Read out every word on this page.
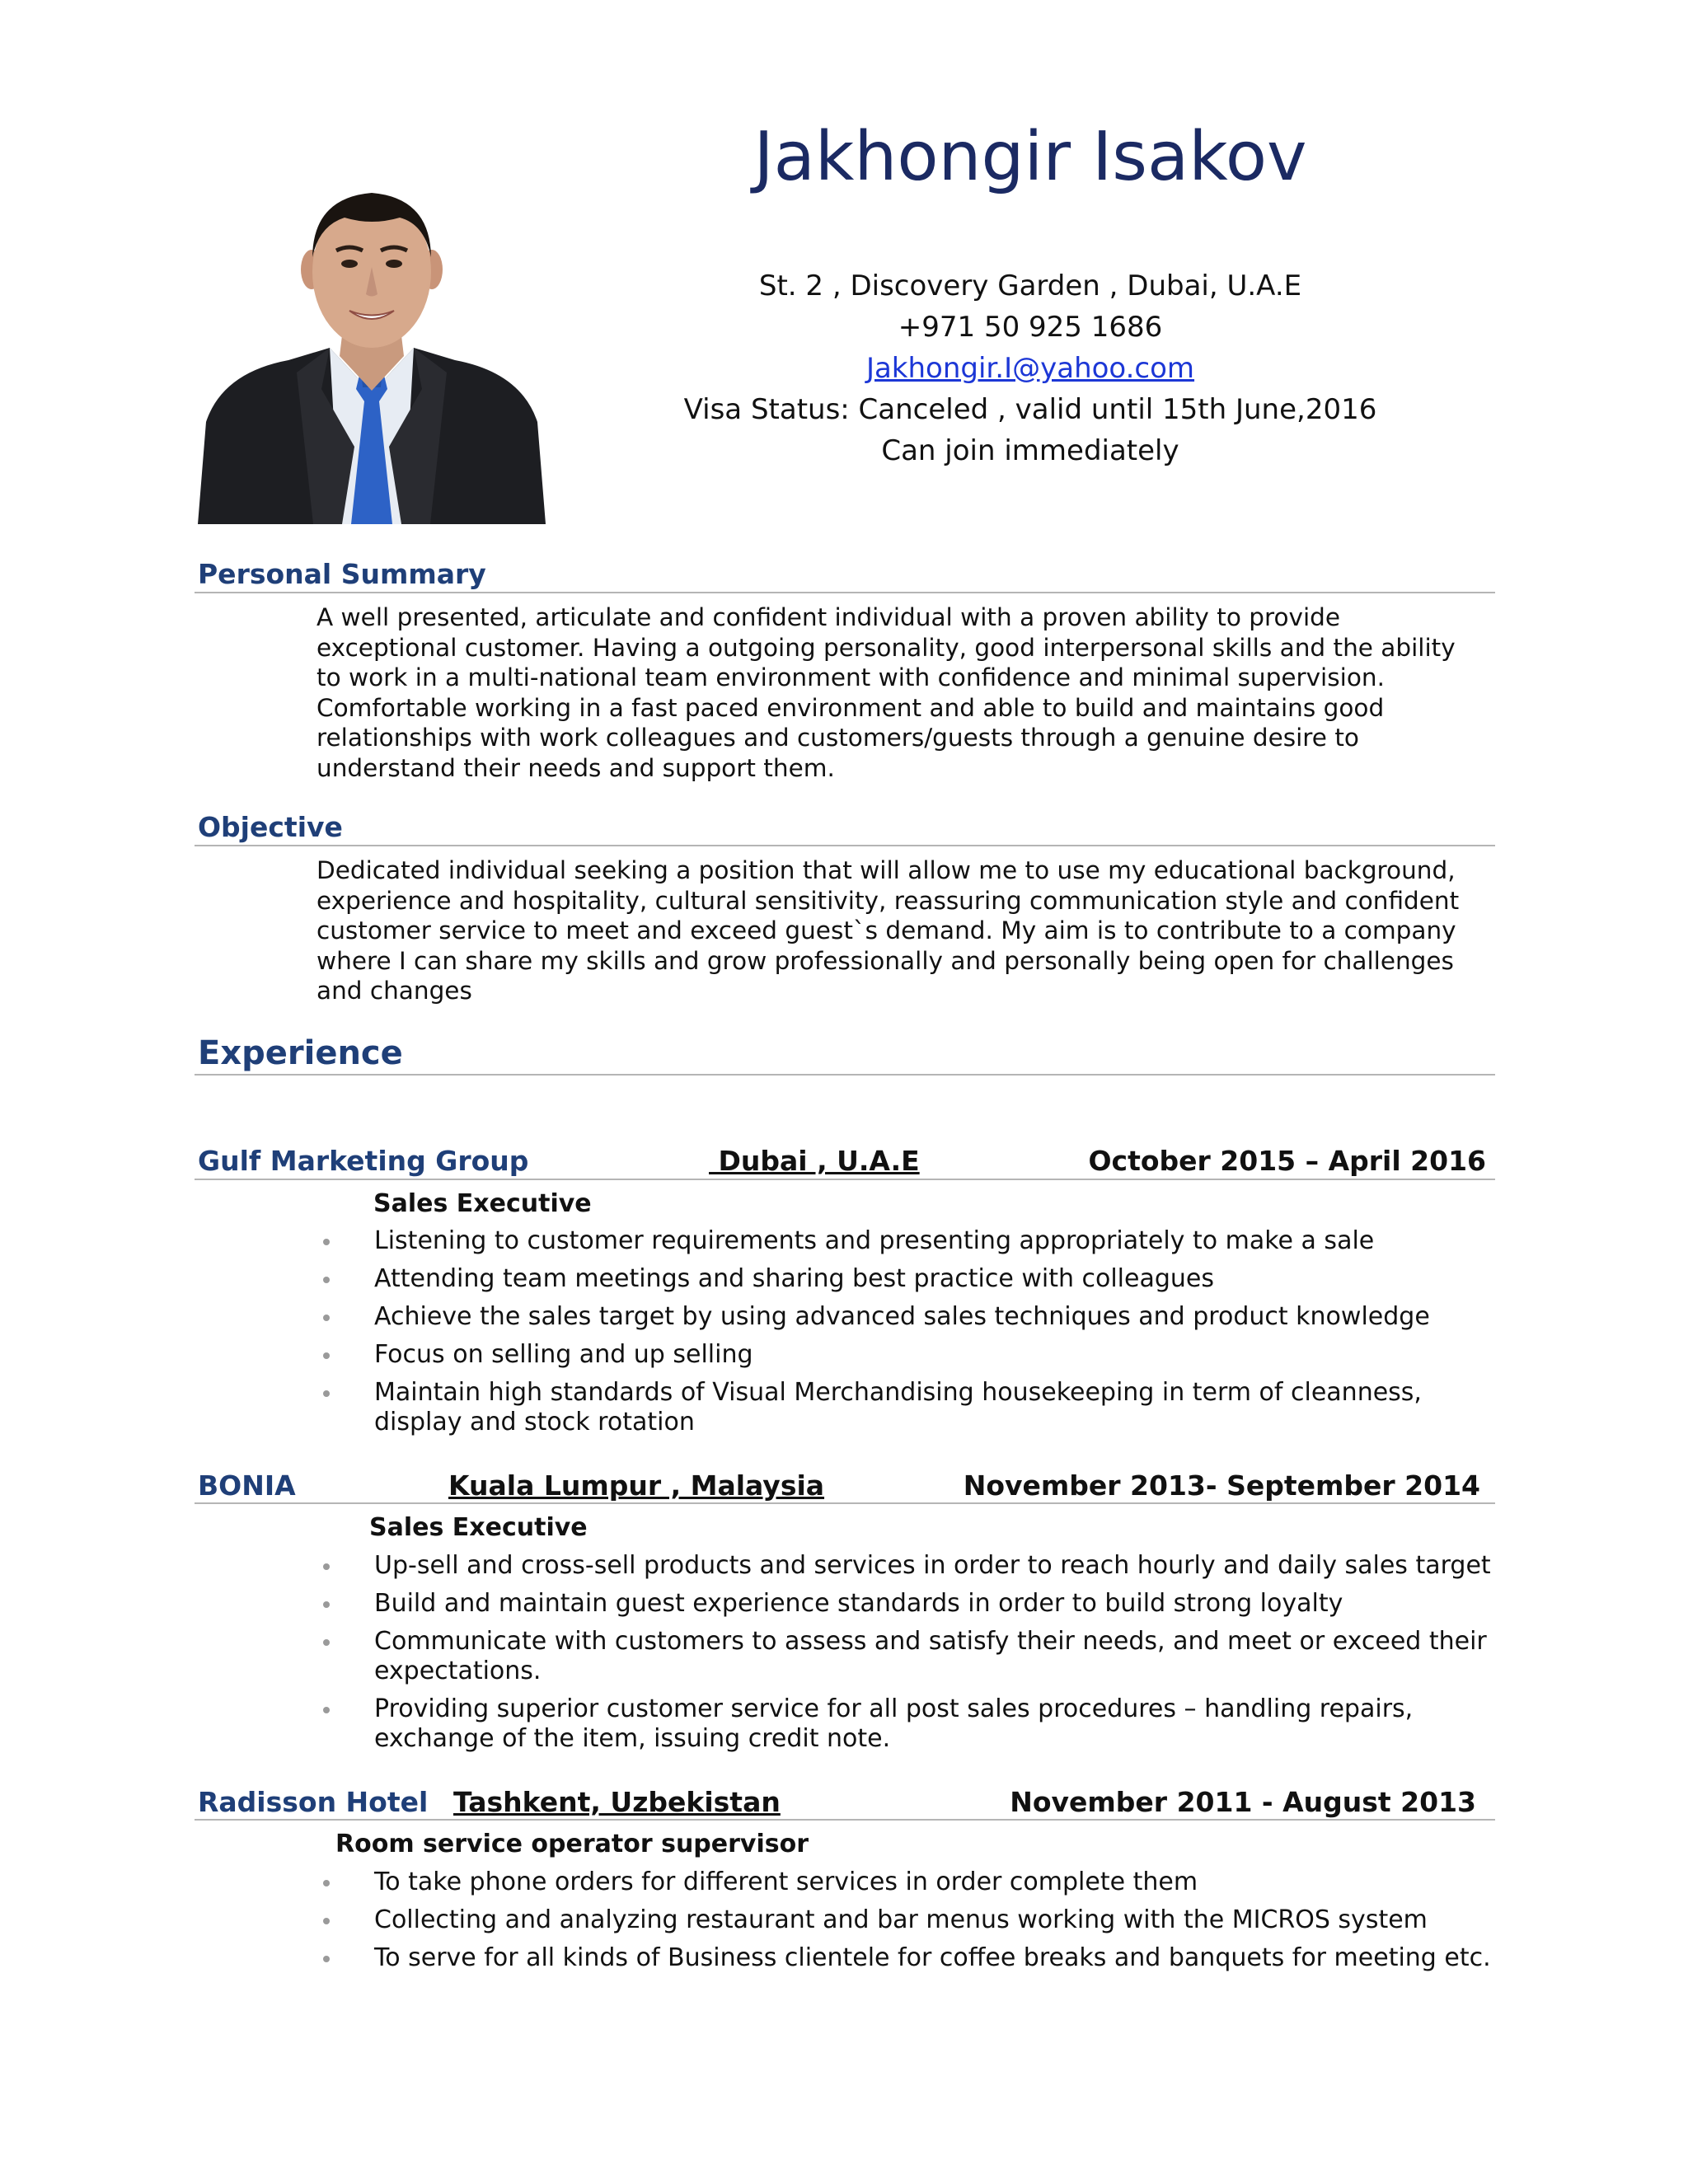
Jakhongir Isakov
St. 2 , Discovery Garden , Dubai, U.A.E
+971 50 925 1686
Jakhongir.I@yahoo.com
Visa Status: Canceled , valid until 15th June,2016
Can join immediately
Personal Summary
A well presented, articulate and confident individual with a proven ability to provide exceptional customer. Having a outgoing personality, good interpersonal skills and the ability to work in a multi-national team environment with confidence and minimal supervision. Comfortable working in a fast paced environment and able to build and maintains good relationships with work colleagues and customers/guests through a genuine desire to understand their needs and support them.
Objective
Dedicated individual seeking a position that will allow me to use my educational background, experience and hospitality, cultural sensitivity, reassuring communication style and confident customer service to meet and exceed guest`s demand. My aim is to contribute to a company where I can share my skills and grow professionally and personally being open for challenges and changes
Experience
Gulf Marketing Group	Dubai , U.A.E	October 2015 – April 2016
Sales Executive
Listening to customer requirements and presenting appropriately to make a sale
Attending team meetings and sharing best practice with colleagues
Achieve the sales target by using advanced sales techniques and product knowledge
Focus on selling and up selling
Maintain high standards of Visual Merchandising housekeeping in term of cleanness, display and stock rotation
BONIA	Kuala Lumpur , Malaysia	November 2013- September 2014
Sales Executive
Up-sell and cross-sell products and services in order to reach hourly and daily sales target
Build and maintain guest experience standards in order to build strong loyalty
Communicate with customers to assess and satisfy their needs, and meet or exceed their expectations.
Providing superior customer service for all post sales procedures – handling repairs, exchange of the item, issuing credit note.
Radisson Hotel Tashkent, Uzbekistan	November 2011 - August 2013
Room service operator supervisor
To take phone orders for different services in order complete them
Collecting and analyzing restaurant and bar menus working with the MICROS system
To serve for all kinds of Business clientele for coffee breaks and banquets for meeting etc.
